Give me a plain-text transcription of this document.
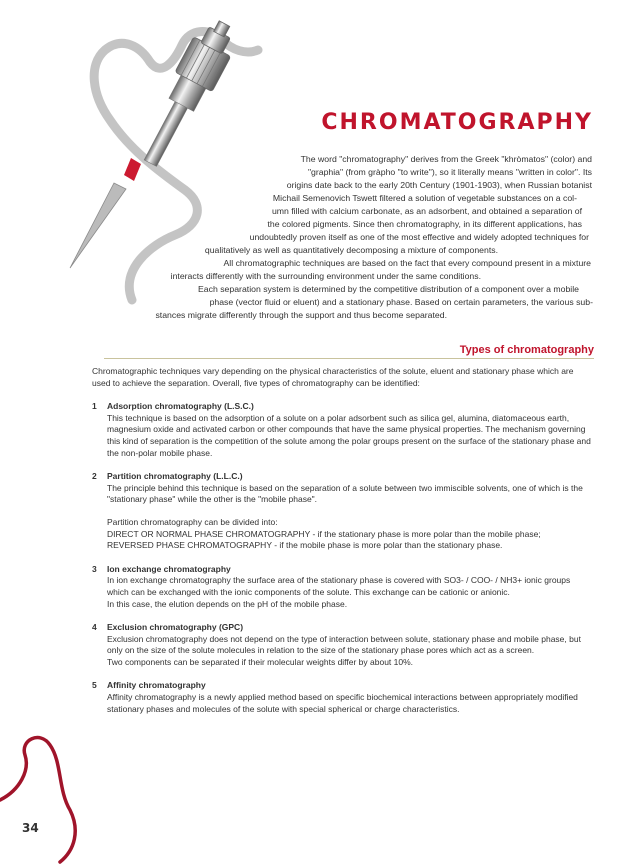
CHROMATOGRAPHY
The word "chromatography" derives from the Greek "khròmatos" (color) and
"graphia" (from gràpho "to write"), so it literally means "written in color". Its
origins date back to the early 20th Century (1901-1903), when Russian botanist
Michail Semenovich Tswett filtered a solution of vegetable substances on a col-
umn filled with calcium carbonate, as an adsorbent, and obtained a separation of
the colored pigments. Since then chromatography, in its different applications, has
undoubtedly proven itself as one of the most effective and widely adopted techniques for
qualitatively as well as quantitatively decomposing a mixture of components.
All chromatographic techniques are based on the fact that every compound present in a mixture
interacts differently with the surrounding environment under the same conditions.
Each separation system is determined by the competitive distribution of a component over a mobile
phase (vector fluid or eluent) and a stationary phase. Based on certain parameters, the various sub-
stances migrate differently through the support and thus become separated.
Types of chromatography

Chromatographic techniques vary depending on the physical characteristics of the solute, eluent and stationary phase which are used to achieve the separation. Overall, five types of chromatography can be identified:

1 Adsorption chromatography (L.S.C.)

This technique is based on the adsorption of a solute on a polar adsorbent such as silica gel, alumina, diatomaceous earth, magnesium oxide and activated carbon or other compounds that have the same physical properties. The mechanism governing this kind of separation is the competition of the solute among the polar groups present on the surface of the stationary phase and the non-polar mobile phase.

2 Partition chromatography (L.L.C.)

The principle behind this technique is based on the separation of a solute between two immiscible solvents, one of which is the "stationary phase" while the other is the "mobile phase".

Partition chromatography can be divided into:
DIRECT OR NORMAL PHASE CHROMATOGRAPHY - if the stationary phase is more polar than the mobile phase;
REVERSED PHASE CHROMATOGRAPHY - if the mobile phase is more polar than the stationary phase.

3 Ion exchange chromatography

In ion exchange chromatography the surface area of the stationary phase is covered with SO3- / COO- / NH3+ ionic groups which can be exchanged with the ionic components of the solute. This exchange can be cationic or anionic.
In this case, the elution depends on the pH of the mobile phase.

4 Exclusion chromatography (GPC)

Exclusion chromatography does not depend on the type of interaction between solute, stationary phase and mobile phase, but only on the size of the solute molecules in relation to the size of the stationary phase pores which act as a screen.
Two components can be separated if their molecular weights differ by about 10%.

5 Affinity chromatography

Affinity chromatography is a newly applied method based on specific biochemical interactions between appropriately modified stationary phases and molecules of the solute with special spherical or charge characteristics.

34
